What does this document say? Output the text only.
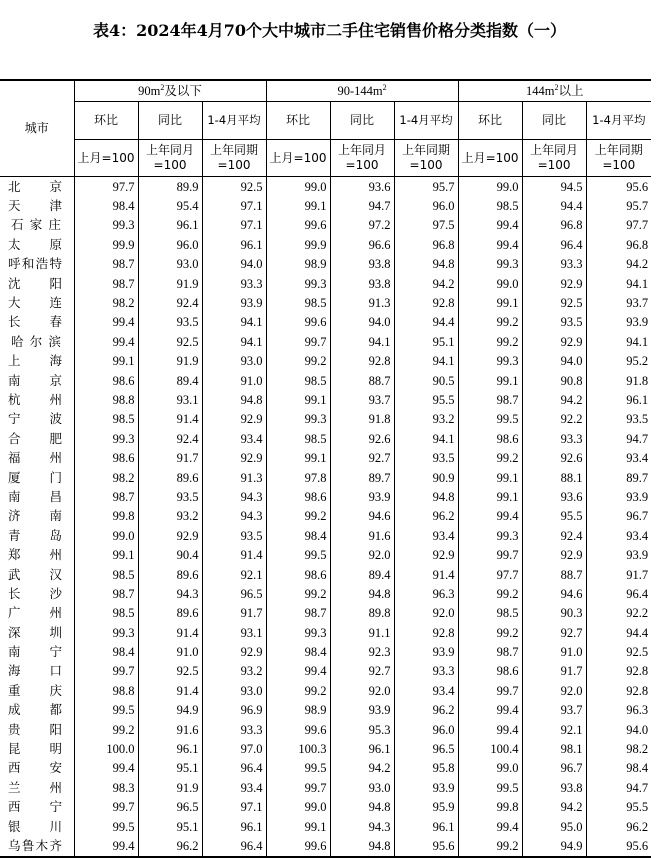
表4：2024年4月70个大中城市二手住宅销售价格分类指数（一）
城市	$90m^2$及以下			$90-144m^2$			$144m^2$以上		
	环比	同比	1-4月平均	环比	同比	1-4月平均	环比	同比	1-4月平均
	上月=100	上年同月=100	上年同期=100	上月=100	上年同月=100	上年同期=100	上月=100	上年同月=100	上年同期=100

北 京	97.7	89.9	92.5	99.0	93.6	95.7	99.0	94.5	95.6

天 津	98.4	95.4	97.1	99.1	94.7	96.0	98.5	94.4	95.7

石 家 庄	99.3	96.1	97.1	99.6	97.2	97.5	99.4	96.8	97.7

太 原	99.9	96.0	96.1	99.9	96.6	96.8	99.4	96.4	96.8

呼 和 浩 特	98.7	93.0	94.0	98.9	93.8	94.8	99.3	93.3	94.2

沈 阳	98.7	91.9	93.3	99.3	93.8	94.2	99.0	92.9	94.1

大 连	98.2	92.4	93.9	98.5	91.3	92.8	99.1	92.5	93.7

长 春	99.4	93.5	94.1	99.6	94.0	94.4	99.2	93.5	93.9

哈 尔 滨	99.4	92.5	94.1	99.7	94.1	95.1	99.2	92.9	94.1

上 海	99.1	91.9	93.0	99.2	92.8	94.1	99.3	94.0	95.2

南 京	98.6	89.4	91.0	98.5	88.7	90.5	99.1	90.8	91.8

杭 州	98.8	93.1	94.8	99.1	93.7	95.5	98.7	94.2	96.1

宁 波	98.5	91.4	92.9	99.3	91.8	93.2	99.5	92.2	93.5

合 肥	99.3	92.4	93.4	98.5	92.6	94.1	98.6	93.3	94.7

福 州	98.6	91.7	92.9	99.1	92.7	93.5	99.2	92.6	93.4

厦 门	98.2	89.6	91.3	97.8	89.7	90.9	99.1	88.1	89.7

南 昌	98.7	93.5	94.3	98.6	93.9	94.8	99.1	93.6	93.9

济 南	99.8	93.2	94.3	99.2	94.6	96.2	99.4	95.5	96.7

青 岛	99.0	92.9	93.5	98.4	91.6	93.4	99.3	92.4	93.4

郑 州	99.1	90.4	91.4	99.5	92.0	92.9	99.7	92.9	93.9

武 汉	98.5	89.6	92.1	98.6	89.4	91.4	97.7	88.7	91.7

长 沙	98.7	94.3	96.5	99.2	94.8	96.3	99.2	94.6	96.4

广 州	98.5	89.6	91.7	98.7	89.8	92.0	98.5	90.3	92.2

深 圳	99.3	91.4	93.1	99.3	91.1	92.8	99.2	92.7	94.4

南 宁	98.4	91.0	92.9	98.4	92.3	93.9	98.7	91.0	92.5

海 口	99.7	92.5	93.2	99.4	92.7	93.3	98.6	91.7	92.8

重 庆	98.8	91.4	93.0	99.2	92.0	93.4	99.7	92.0	92.8

成 都	99.5	94.9	96.9	98.9	93.9	96.2	99.4	93.7	96.3

贵 阳	99.2	91.6	93.3	99.6	95.3	96.0	99.4	92.1	94.0

昆 明	100.0	96.1	97.0	100.3	96.1	96.5	100.4	98.1	98.2

西 安	99.4	95.1	96.4	99.5	94.2	95.8	99.0	96.7	98.4

兰 州	98.3	91.9	93.4	99.7	93.0	93.9	99.5	93.8	94.7

西 宁	99.7	96.5	97.1	99.0	94.8	95.9	99.8	94.2	95.5

银 川	99.5	95.1	96.1	99.1	94.3	96.1	99.4	95.0	96.2

乌 鲁 木 齐	99.4	96.2	96.4	99.6	94.8	95.6	99.2	94.9	95.6
